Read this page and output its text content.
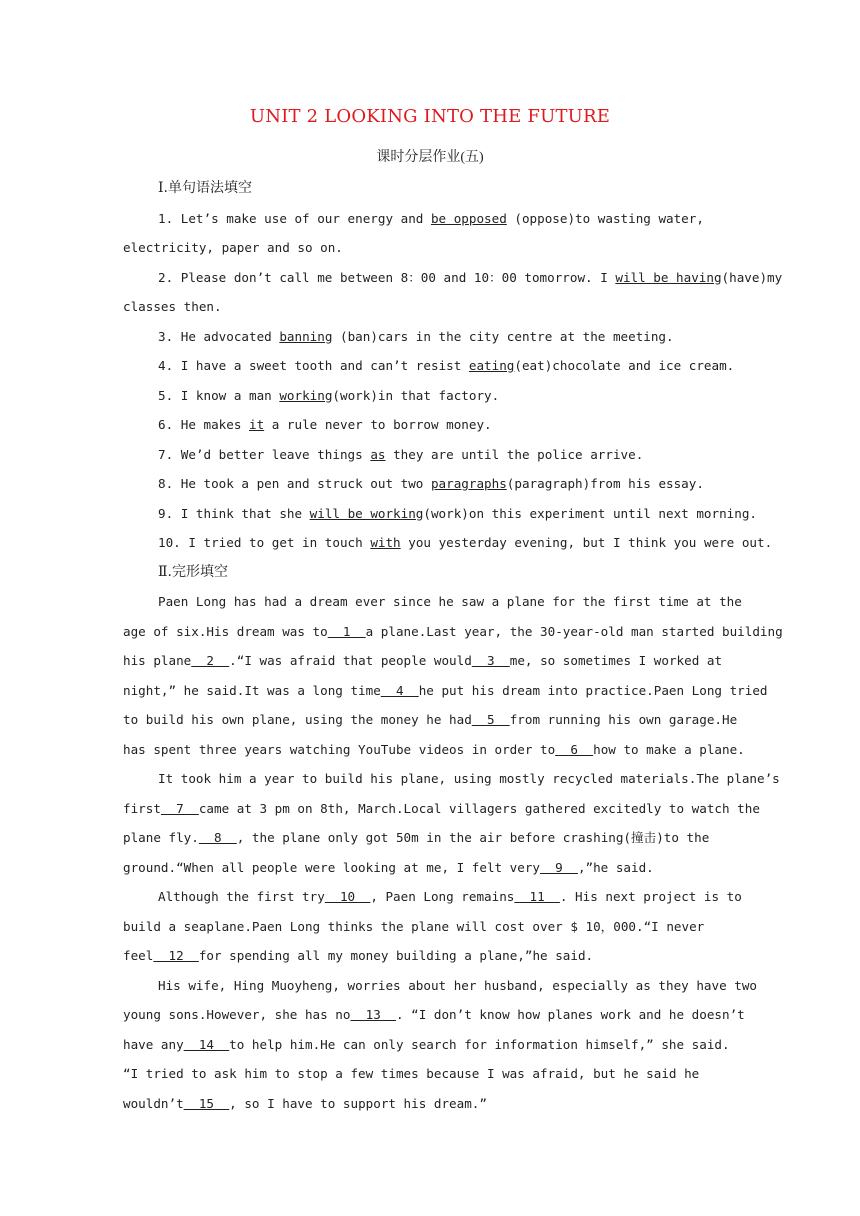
UNIT 2 LOOKING INTO THE FUTURE
课时分层作业(五)
Ⅰ.单句语法填空
1. Let’s make use of our energy and be opposed (oppose)to wasting water,
electricity, paper and so on.
2. Please don’t call me between 8：00 and 10：00 tomorrow. I will be having(have)my
classes then.
3. He advocated banning (ban)cars in the city centre at the meeting.
4. I have a sweet tooth and can’t resist eating(eat)chocolate and ice cream.
5. I know a man working(work)in that factory.
6. He makes it a rule never to borrow money.
7. We’d better leave things as they are until the police arrive.
8. He took a pen and struck out two paragraphs(paragraph)from his essay.
9. I think that she will be working(work)on this experiment until next morning.
10. I tried to get in touch with you yesterday evening, but I think you were out.
Ⅱ.完形填空
Paen Long has had a dream ever since he saw a plane for the first time at the
age of six.His dream was to  1  a plane.Last year, the 30-year-old man started building
his plane  2  .“I was afraid that people would  3  me, so sometimes I worked at
night,” he said.It was a long time  4  he put his dream into practice.Paen Long tried
to build his own plane, using the money he had  5  from running his own garage.He
has spent three years watching YouTube videos in order to  6  how to make a plane.
It took him a year to build his plane, using mostly recycled materials.The plane’s
first  7  came at 3 pm on 8th, March.Local villagers gathered excitedly to watch the
plane fly.  8  , the plane only got 50m in the air before crashing(撞击)to the
ground.“When all people were looking at me, I felt very  9  ,”he said.
Although the first try  10  , Paen Long remains  11  . His next project is to
build a seaplane.Paen Long thinks the plane will cost over $ 10，000.“I never
feel  12  for spending all my money building a plane,”he said.
His wife, Hing Muoyheng, worries about her husband, especially as they have two
young sons.However, she has no  13  . “I don’t know how planes work and he doesn’t
have any  14  to help him.He can only search for information himself,” she said.
“I tried to ask him to stop a few times because I was afraid, but he said he
wouldn’t  15  , so I have to support his dream.”
